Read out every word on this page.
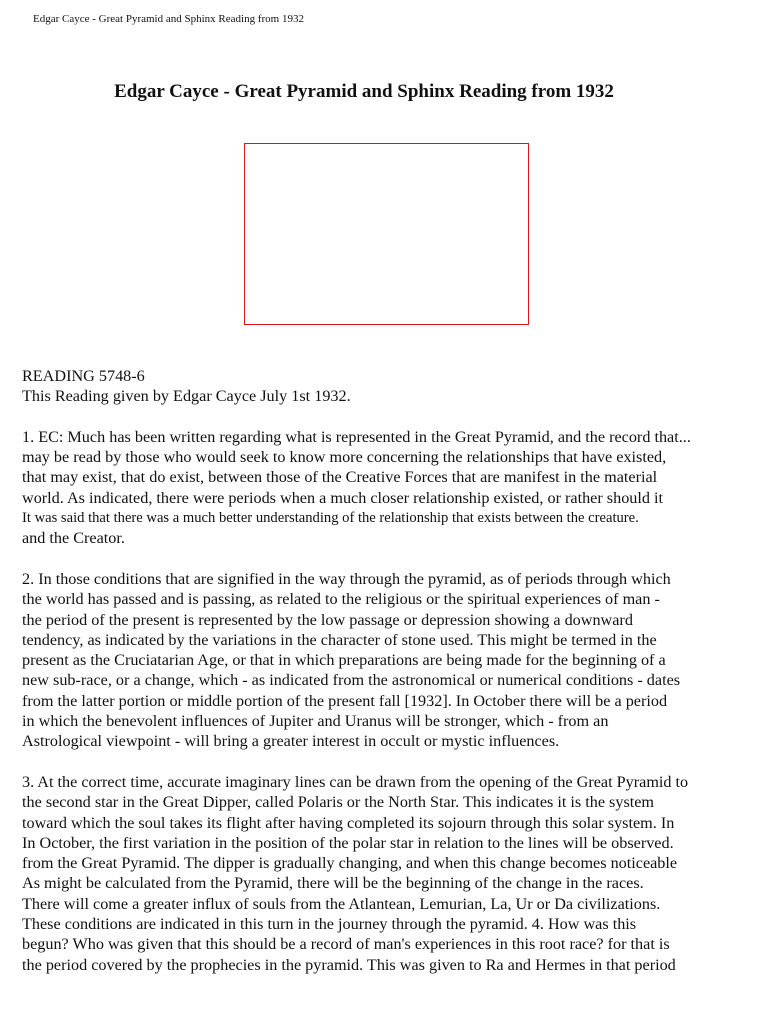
Edgar Cayce - Great Pyramid and Sphinx Reading from 1932
Edgar Cayce - Great Pyramid and Sphinx Reading from 1932
READING 5748-6
This Reading given by Edgar Cayce July 1st 1932.
1. EC: Much has been written regarding what is represented in the Great Pyramid, and the record that...
may be read by those who would seek to know more concerning the relationships that have existed,
that may exist, that do exist, between those of the Creative Forces that are manifest in the material
world. As indicated, there were periods when a much closer relationship existed, or rather should it
It was said that there was a much better understanding of the relationship that exists between the creature.
and the Creator.
2. In those conditions that are signified in the way through the pyramid, as of periods through which
the world has passed and is passing, as related to the religious or the spiritual experiences of man -
the period of the present is represented by the low passage or depression showing a downward
tendency, as indicated by the variations in the character of stone used. This might be termed in the
present as the Cruciatarian Age, or that in which preparations are being made for the beginning of a
new sub-race, or a change, which - as indicated from the astronomical or numerical conditions - dates
from the latter portion or middle portion of the present fall [1932]. In October there will be a period
in which the benevolent influences of Jupiter and Uranus will be stronger, which - from an
Astrological viewpoint - will bring a greater interest in occult or mystic influences.
3. At the correct time, accurate imaginary lines can be drawn from the opening of the Great Pyramid to
the second star in the Great Dipper, called Polaris or the North Star. This indicates it is the system
toward which the soul takes its flight after having completed its sojourn through this solar system. In
In October, the first variation in the position of the polar star in relation to the lines will be observed.
from the Great Pyramid. The dipper is gradually changing, and when this change becomes noticeable
As might be calculated from the Pyramid, there will be the beginning of the change in the races.
There will come a greater influx of souls from the Atlantean, Lemurian, La, Ur or Da civilizations.
These conditions are indicated in this turn in the journey through the pyramid. 4. How was this
begun? Who was given that this should be a record of man's experiences in this root race? for that is
the period covered by the prophecies in the pyramid. This was given to Ra and Hermes in that period
